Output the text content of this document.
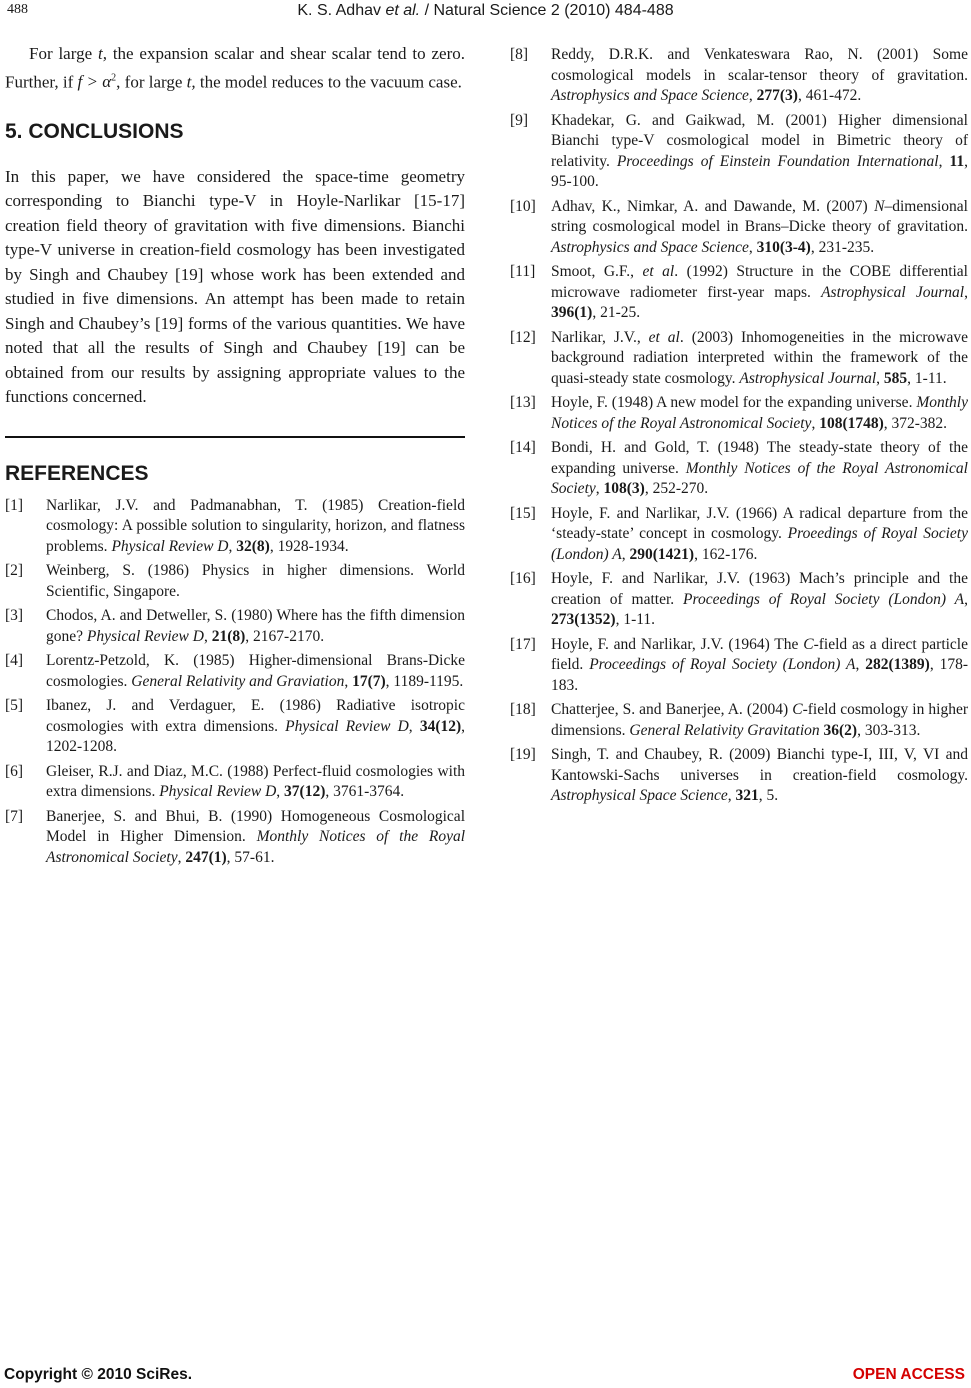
488	K. S. Adhav et al. / Natural Science 2 (2010) 484-488

For large t, the expansion scalar and shear scalar tend to zero. Further, if $f > \alpha^2$, for large t, the model reduces to the vacuum case.

5. CONCLUSIONS

In this paper, we have considered the space-time geometry corresponding to Bianchi type-V in Hoyle-Narlikar [15-17] creation field theory of gravitation with five dimensions. Bianchi type-V universe in creation-field cosmology has been investigated by Singh and Chaubey [19] whose work has been extended and studied in five dimensions. An attempt has been made to retain Singh and Chaubey’s [19] forms of the various quantities. We have noted that all the results of Singh and Chaubey [19] can be obtained from our results by assigning appropriate values to the functions concerned.

REFERENCES
[1]	Narlikar, J.V. and Padmanabhan, T. (1985) Creation-field cosmology: A possible solution to singularity, horizon, and flatness problems. Physical Review D, 32(8), 1928-1934.
[2]	Weinberg, S. (1986) Physics in higher dimensions. World Scientific, Singapore.
[3]	Chodos, A. and Detweller, S. (1980) Where has the fifth dimension gone? Physical Review D, 21(8), 2167-2170.
[4]	Lorentz-Petzold, K. (1985) Higher-dimensional Brans-Dicke cosmologies. General Relativity and Graviation, 17(7), 1189-1195.
[5]	Ibanez, J. and Verdaguer, E. (1986) Radiative isotropic cosmologies with extra dimensions. Physical Review D, 34(12), 1202-1208.
[6]	Gleiser, R.J. and Diaz, M.C. (1988) Perfect-fluid cosmologies with extra dimensions. Physical Review D, 37(12), 3761-3764.
[7]	Banerjee, S. and Bhui, B. (1990) Homogeneous Cosmological Model in Higher Dimension. Monthly Notices of the Royal Astronomical Society, 247(1), 57-61.
[8]	Reddy, D.R.K. and Venkateswara Rao, N. (2001) Some cosmological models in scalar-tensor theory of gravitation. Astrophysics and Space Science, 277(3), 461-472.
[9]	Khadekar, G. and Gaikwad, M. (2001) Higher dimensional Bianchi type-V cosmological model in Bimetric theory of relativity. Proceedings of Einstein Foundation International, 11, 95-100.
[10] Adhav, K., Nimkar, A. and Dawande, M. (2007) N–dimensional string cosmological model in Brans–Dicke theory of gravitation. Astrophysics and Space Science, 310(3-4), 231-235.
[11]	Smoot, G.F., et al. (1992) Structure in the COBE differential microwave radiometer first-year maps. Astrophysical Journal, 396(1), 21-25.
[12] Narlikar, J.V., et al. (2003) Inhomogeneities in the microwave background radiation interpreted within the framework of the quasi-steady state cosmology. Astrophysical Journal, 585, 1-11.
[13] Hoyle, F. (1948) A new model for the expanding universe. Monthly Notices of the Royal Astronomical Society, 108(1748), 372-382.
[14] Bondi, H. and Gold, T. (1948) The steady-state theory of the expanding universe. Monthly Notices of the Royal Astronomical Society, 108(3), 252-270.
[15] Hoyle, F. and Narlikar, J.V. (1966) A radical departure from the ‘steady-state’ concept in cosmology. Proeedings of Royal Society (London) A, 290(1421), 162-176.
[16] Hoyle, F. and Narlikar, J.V. (1963) Mach’s principle and the creation of matter. Proceedings of Royal Society (London) A, 273(1352), 1-11.
[17] Hoyle, F. and Narlikar, J.V. (1964) The C-field as a direct particle field. Proceedings of Royal Society (London) A, 282(1389), 178-183.
[18] Chatterjee, S. and Banerjee, A. (2004) C-field cosmology in higher dimensions. General Relativity Gravitation 36(2), 303-313.
[19] Singh, T. and Chaubey, R. (2009) Bianchi type-I, III, V, VI and Kantowski-Sachs universes in creation-field cosmology. Astrophysical Space Science, 321, 5.
Copyright © 2010 SciRes.	OPEN ACCESS
